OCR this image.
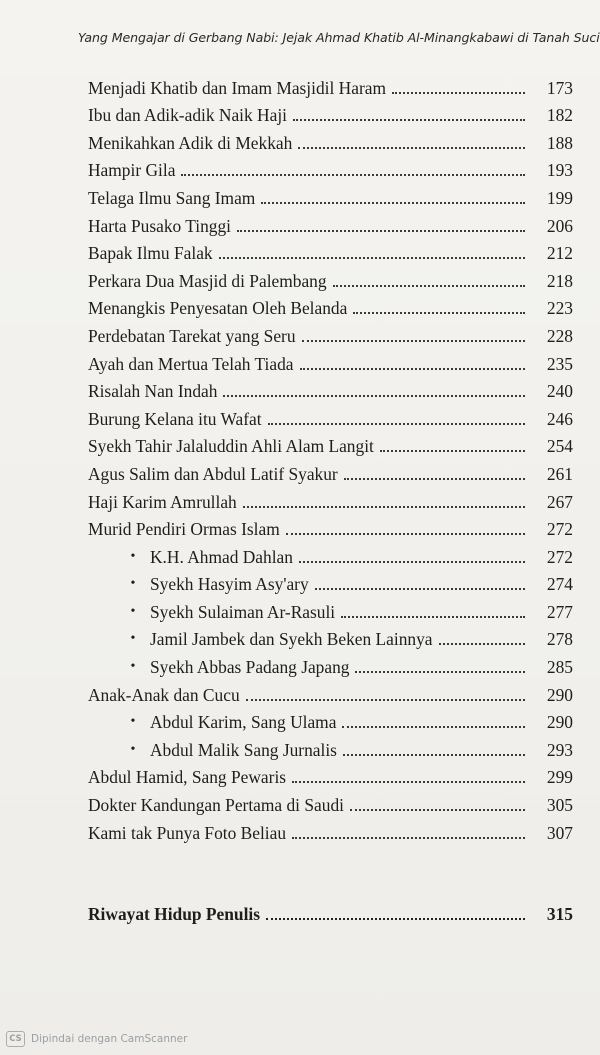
Yang Mengajar di Gerbang Nabi: Jejak Ahmad Khatib Al-Minangkabawi di Tanah Suci
Menjadi Khatib dan Imam Masjidil Haram	173
Ibu dan Adik-adik Naik Haji	182
Menikahkan Adik di Mekkah	188
Hampir Gila	193
Telaga Ilmu Sang Imam	199
Harta Pusako Tinggi	206
Bapak Ilmu Falak	212
Perkara Dua Masjid di Palembang	218
Menangkis Penyesatan Oleh Belanda	223
Perdebatan Tarekat yang Seru	228
Ayah dan Mertua Telah Tiada	235
Risalah Nan Indah	240
Burung Kelana itu Wafat	246
Syekh Tahir Jalaluddin Ahli Alam Langit	254
Agus Salim dan Abdul Latif Syakur	261
Haji Karim Amrullah	267
Murid Pendiri Ormas Islam	272
• K.H. Ahmad Dahlan	272
• Syekh Hasyim Asy'ary	274
• Syekh Sulaiman Ar-Rasuli	277
• Jamil Jambek dan Syekh Beken Lainnya	278
• Syekh Abbas Padang Japang	285
Anak-Anak dan Cucu	290
• Abdul Karim, Sang Ulama	290
• Abdul Malik Sang Jurnalis	293
Abdul Hamid, Sang Pewaris	299
Dokter Kandungan Pertama di Saudi	305
Kami tak Punya Foto Beliau	307
Riwayat Hidup Penulis	315
CS Dipindai dengan CamScanner
